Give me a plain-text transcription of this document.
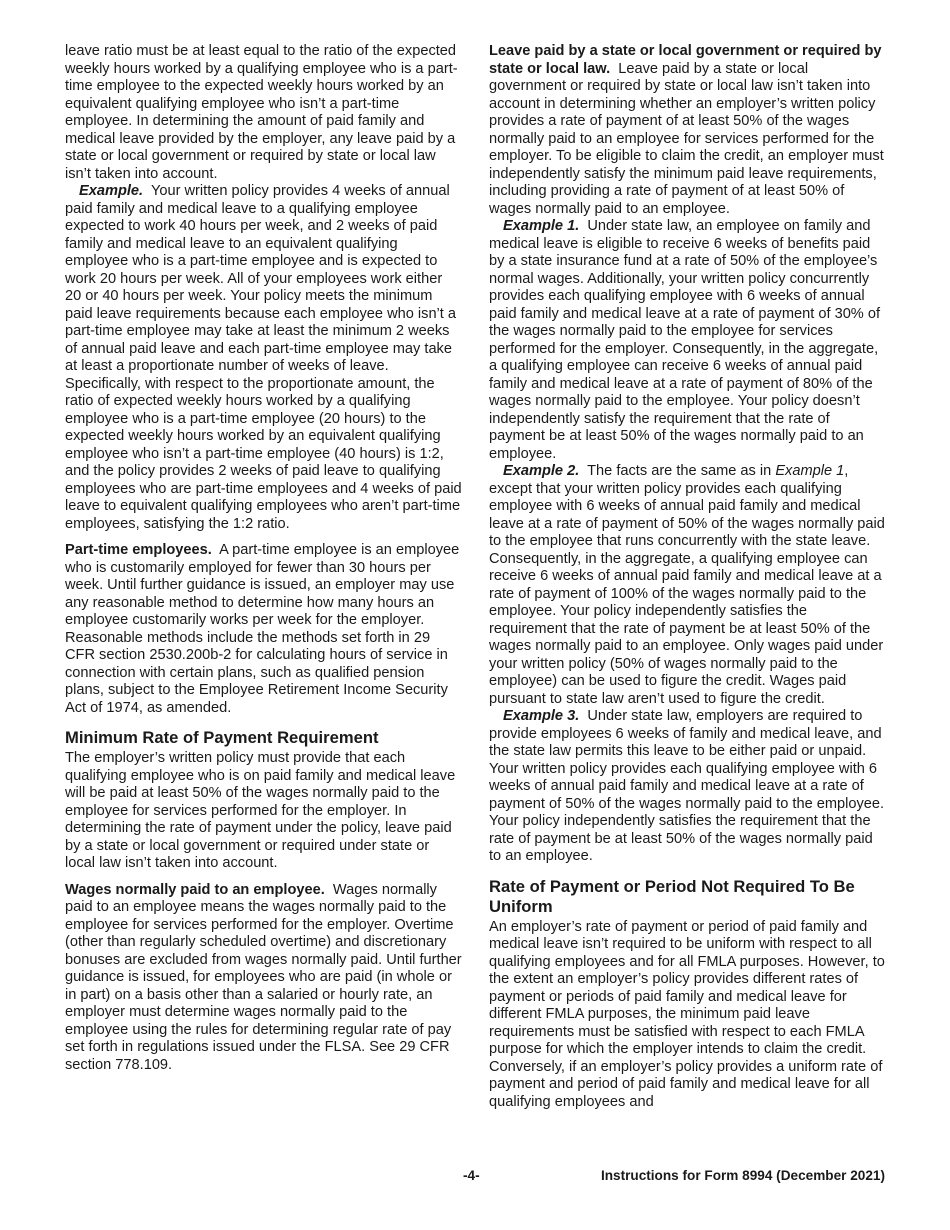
leave ratio must be at least equal to the ratio of the expected weekly hours worked by a qualifying employee who is a part-time employee to the expected weekly hours worked by an equivalent qualifying employee who isn’t a part-time employee. In determining the amount of paid family and medical leave provided by the employer, any leave paid by a state or local government or required by state or local law isn’t taken into account.

Example. Your written policy provides 4 weeks of annual paid family and medical leave to a qualifying employee expected to work 40 hours per week, and 2 weeks of paid family and medical leave to an equivalent qualifying employee who is a part-time employee and is expected to work 20 hours per week. All of your employees work either 20 or 40 hours per week. Your policy meets the minimum paid leave requirements because each employee who isn’t a part-time employee may take at least the minimum 2 weeks of annual paid leave and each part-time employee may take at least a proportionate number of weeks of leave. Specifically, with respect to the proportionate amount, the ratio of expected weekly hours worked by a qualifying employee who is a part-time employee (20 hours) to the expected weekly hours worked by an equivalent qualifying employee who isn’t a part-time employee (40 hours) is 1:2, and the policy provides 2 weeks of paid leave to qualifying employees who are part-time employees and 4 weeks of paid leave to equivalent qualifying employees who aren’t part-time employees, satisfying the 1:2 ratio.

Part-time employees. A part-time employee is an employee who is customarily employed for fewer than 30 hours per week. Until further guidance is issued, an employer may use any reasonable method to determine how many hours an employee customarily works per week for the employer. Reasonable methods include the methods set forth in 29 CFR section 2530.200b-2 for calculating hours of service in connection with certain plans, such as qualified pension plans, subject to the Employee Retirement Income Security Act of 1974, as amended.

Minimum Rate of Payment Requirement

The employer’s written policy must provide that each qualifying employee who is on paid family and medical leave will be paid at least 50% of the wages normally paid to the employee for services performed for the employer. In determining the rate of payment under the policy, leave paid by a state or local government or required under state or local law isn’t taken into account.

Wages normally paid to an employee. Wages normally paid to an employee means the wages normally paid to the employee for services performed for the employer. Overtime (other than regularly scheduled overtime) and discretionary bonuses are excluded from wages normally paid. Until further guidance is issued, for employees who are paid (in whole or in part) on a basis other than a salaried or hourly rate, an employer must determine wages normally paid to the employee using the rules for determining regular rate of pay set forth in regulations issued under the FLSA. See 29 CFR section 778.109.

Leave paid by a state or local government or required by state or local law. Leave paid by a state or local government or required by state or local law isn’t taken into account in determining whether an employer’s written policy provides a rate of payment of at least 50% of the wages normally paid to an employee for services performed for the employer. To be eligible to claim the credit, an employer must independently satisfy the minimum paid leave requirements, including providing a rate of payment of at least 50% of wages normally paid to an employee.

Example 1. Under state law, an employee on family and medical leave is eligible to receive 6 weeks of benefits paid by a state insurance fund at a rate of 50% of the employee’s normal wages. Additionally, your written policy concurrently provides each qualifying employee with 6 weeks of annual paid family and medical leave at a rate of payment of 30% of the wages normally paid to the employee for services performed for the employer. Consequently, in the aggregate, a qualifying employee can receive 6 weeks of annual paid family and medical leave at a rate of payment of 80% of the wages normally paid to the employee. Your policy doesn’t independently satisfy the requirement that the rate of payment be at least 50% of the wages normally paid to an employee.

Example 2. The facts are the same as in Example 1, except that your written policy provides each qualifying employee with 6 weeks of annual paid family and medical leave at a rate of payment of 50% of the wages normally paid to the employee that runs concurrently with the state leave. Consequently, in the aggregate, a qualifying employee can receive 6 weeks of annual paid family and medical leave at a rate of payment of 100% of the wages normally paid to the employee. Your policy independently satisfies the requirement that the rate of payment be at least 50% of the wages normally paid to an employee. Only wages paid under your written policy (50% of wages normally paid to the employee) can be used to figure the credit. Wages paid pursuant to state law aren’t used to figure the credit.

Example 3. Under state law, employers are required to provide employees 6 weeks of family and medical leave, and the state law permits this leave to be either paid or unpaid. Your written policy provides each qualifying employee with 6 weeks of annual paid family and medical leave at a rate of payment of 50% of the wages normally paid to the employee. Your policy independently satisfies the requirement that the rate of payment be at least 50% of the wages normally paid to an employee.

Rate of Payment or Period Not Required To Be Uniform

An employer’s rate of payment or period of paid family and medical leave isn’t required to be uniform with respect to all qualifying employees and for all FMLA purposes. However, to the extent an employer’s policy provides different rates of payment or periods of paid family and medical leave for different FMLA purposes, the minimum paid leave requirements must be satisfied with respect to each FMLA purpose for which the employer intends to claim the credit. Conversely, if an employer’s policy provides a uniform rate of payment and period of paid family and medical leave for all qualifying employees and

-4-	Instructions for Form 8994 (December 2021)
